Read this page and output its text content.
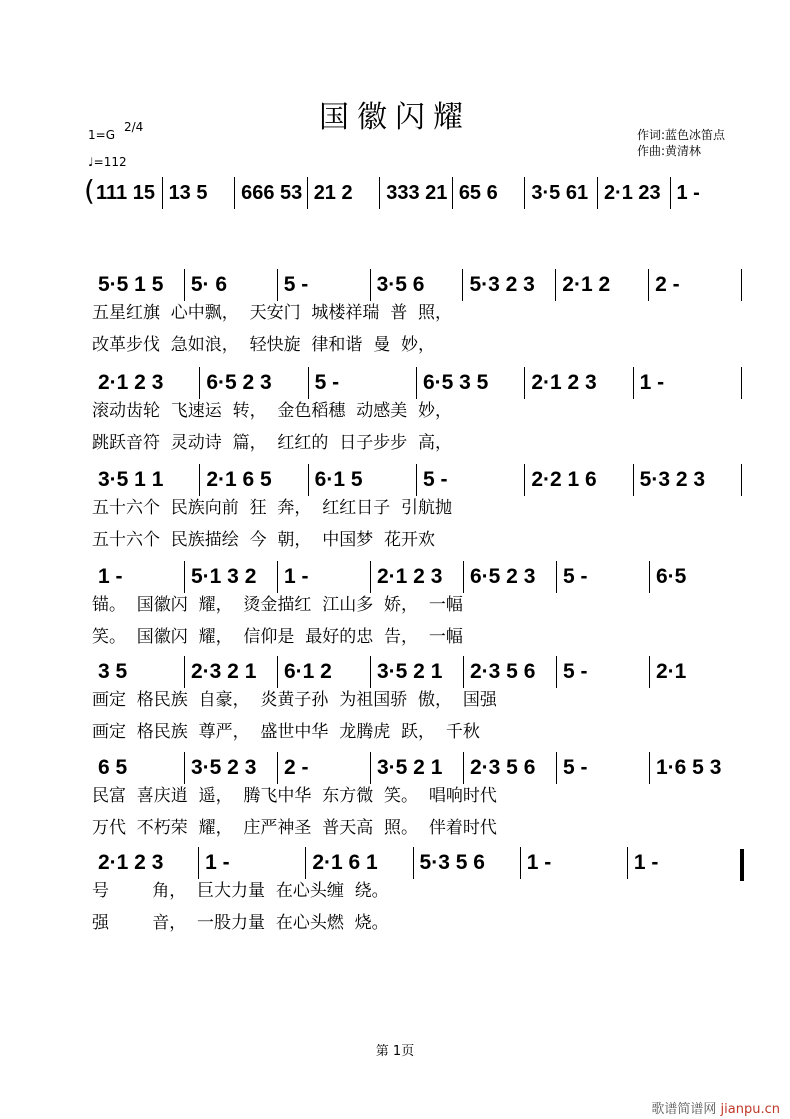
国徽闪耀
1=G
2/4
♩=112
作词:蓝色冰笛点
作曲:黄清林
( 111 15 13 5	666 53 21 2	333 21 65 6	3·5 61 2·1 23 1 -
5·5 1 5	5· 6	5 -	3·5 6	5·3 2 3	2·1 2	2 -
五星红旗  心中飘，  天安门  城楼祥瑞  普  照，
改革步伐  急如浪，  轻快旋  律和谐  曼  妙，
2·1 2 3	6·5 2 3	5 -	6·5 3 5	2·1 2 3	1 -
滚动齿轮  飞速运  转，  金色稻穗  动感美  妙，
跳跃音符  灵动诗  篇，  红红的  日子步步  高，
3·5 1 1	2·1 6 5	6·1 5	5 -	2·2 1 6	5·3 2 3
五十六个  民族向前  狂  奔，  红红日子  引航抛
五十六个  民族描绘  今  朝，  中国梦  花开欢
1 -	5·1 3 2	1 -	2·1 2 3	6·5 2 3	5 -	6·5
锚。  国徽闪  耀，  烫金描红  江山多  娇，  一幅
笑。  国徽闪  耀，  信仰是  最好的忠  告，  一幅
3 5	2·3 2 1	6·1 2	3·5 2 1	2·3 5 6	5 -	2·1
画定  格民族  自豪，  炎黄子孙  为祖国骄  傲，  国强
画定  格民族  尊严，  盛世中华  龙腾虎  跃，  千秋
6 5	3·5 2 3	2 -	3·5 2 1	2·3 5 6	5 -	1·6 5 3
民富  喜庆逍  遥，  腾飞中华  东方微  笑。  唱响时代
万代  不朽荣  耀，  庄严神圣  普天高  照。  伴着时代
2·1 2 3	1 -	2·1 6 1	5·3 5 6	1 -	1 -
号        角，  巨大力量  在心头缠  绕。
强        音，  一股力量  在心头燃  烧。
第 1页
歌谱简谱网 jianpu.cn
